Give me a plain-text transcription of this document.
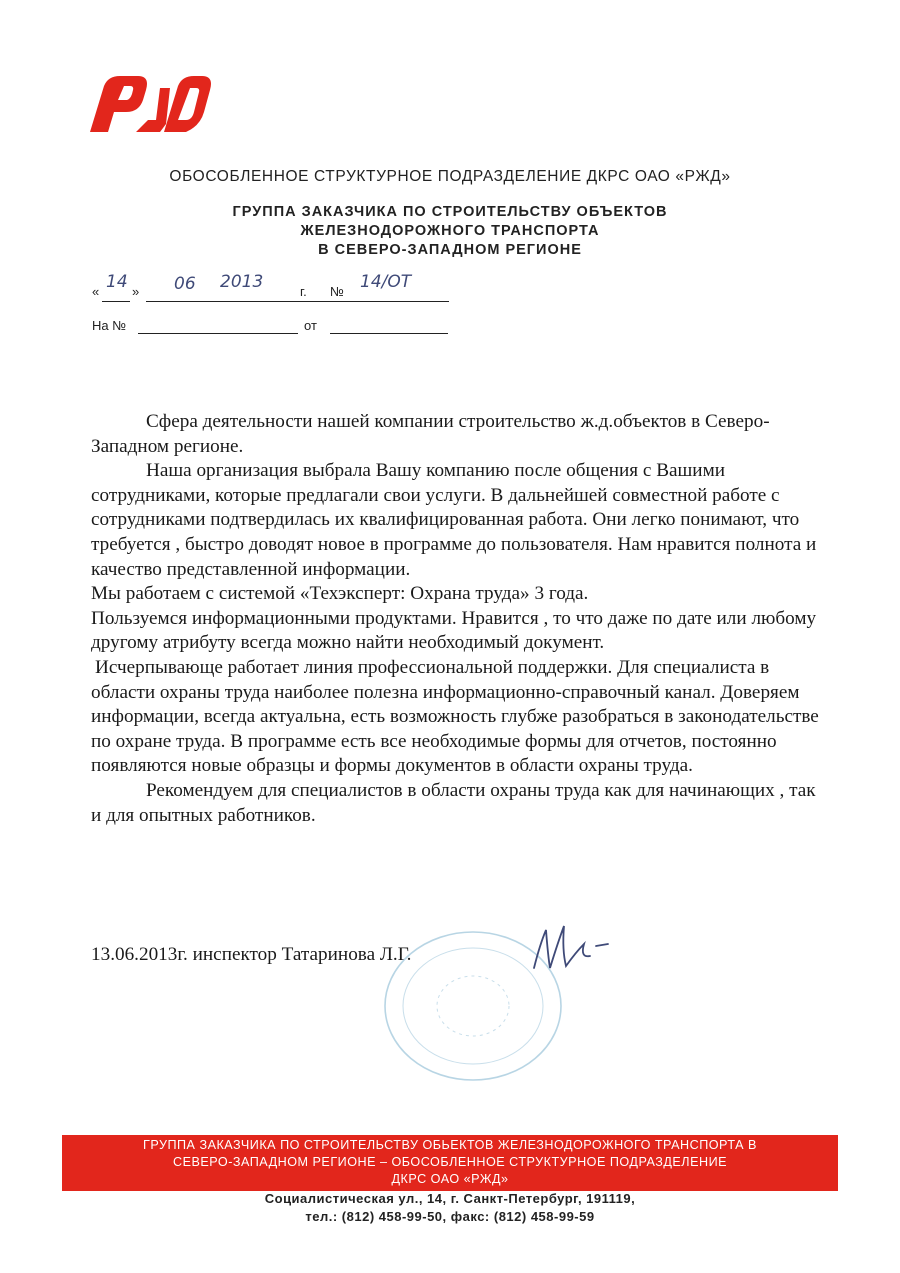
ОБОСОБЛЕННОЕ СТРУКТУРНОЕ ПОДРАЗДЕЛЕНИЕ ДКРС ОАО «РЖД»
ГРУППА ЗАКАЗЧИКА ПО СТРОИТЕЛЬСТВУ ОБЪЕКТОВ
ЖЕЛЕЗНОДОРОЖНОГО ТРАНСПОРТА
В СЕВЕРО-ЗАПАДНОМ РЕГИОНЕ
« 14 » 06 2013	г. № 14/ОТ
На №	от

Сфера деятельности нашей компании строительство ж.д.объектов в Северо-Западном регионе.

Наша организация выбрала Вашу компанию после общения с Вашими сотрудниками, которые предлагали свои услуги. В дальнейшей совместной работе с сотрудниками подтвердилась их квалифицированная работа. Они легко понимают, что требуется , быстро доводят новое в программе до пользователя. Нам нравится полнота и качество представленной информации.

Мы работаем с системой «Техэксперт: Охрана труда» 3 года.

Пользуемся информационными продуктами. Нравится , то что даже по дате или любому другому атрибуту всегда можно найти необходимый документ.

Исчерпывающе работает линия профессиональной поддержки. Для специалиста в области охраны труда наиболее полезна информационно-справочный канал. Доверяем информации, всегда актуальна, есть возможность глубже разобраться в законодательстве по охране труда. В программе есть все необходимые формы для отчетов, постоянно появляются новые образцы и формы документов в области охраны труда.

Рекомендуем для специалистов в области охраны труда как для начинающих , так и для опытных работников.

13.06.2013г. инспектор Татаринова Л.Г.
ГРУППА ЗАКАЗЧИКА ПО СТРОИТЕЛЬСТВУ ОБЬЕКТОВ ЖЕЛЕЗНОДОРОЖНОГО ТРАНСПОРТА В
СЕВЕРО-ЗАПАДНОМ РЕГИОНЕ – ОБОСОБЛЕННОЕ СТРУКТУРНОЕ ПОДРАЗДЕЛЕНИЕ
ДКРС ОАО «РЖД»
Социалистическая ул., 14, г. Санкт-Петербург, 191119,
тел.: (812) 458-99-50, факс: (812) 458-99-59
